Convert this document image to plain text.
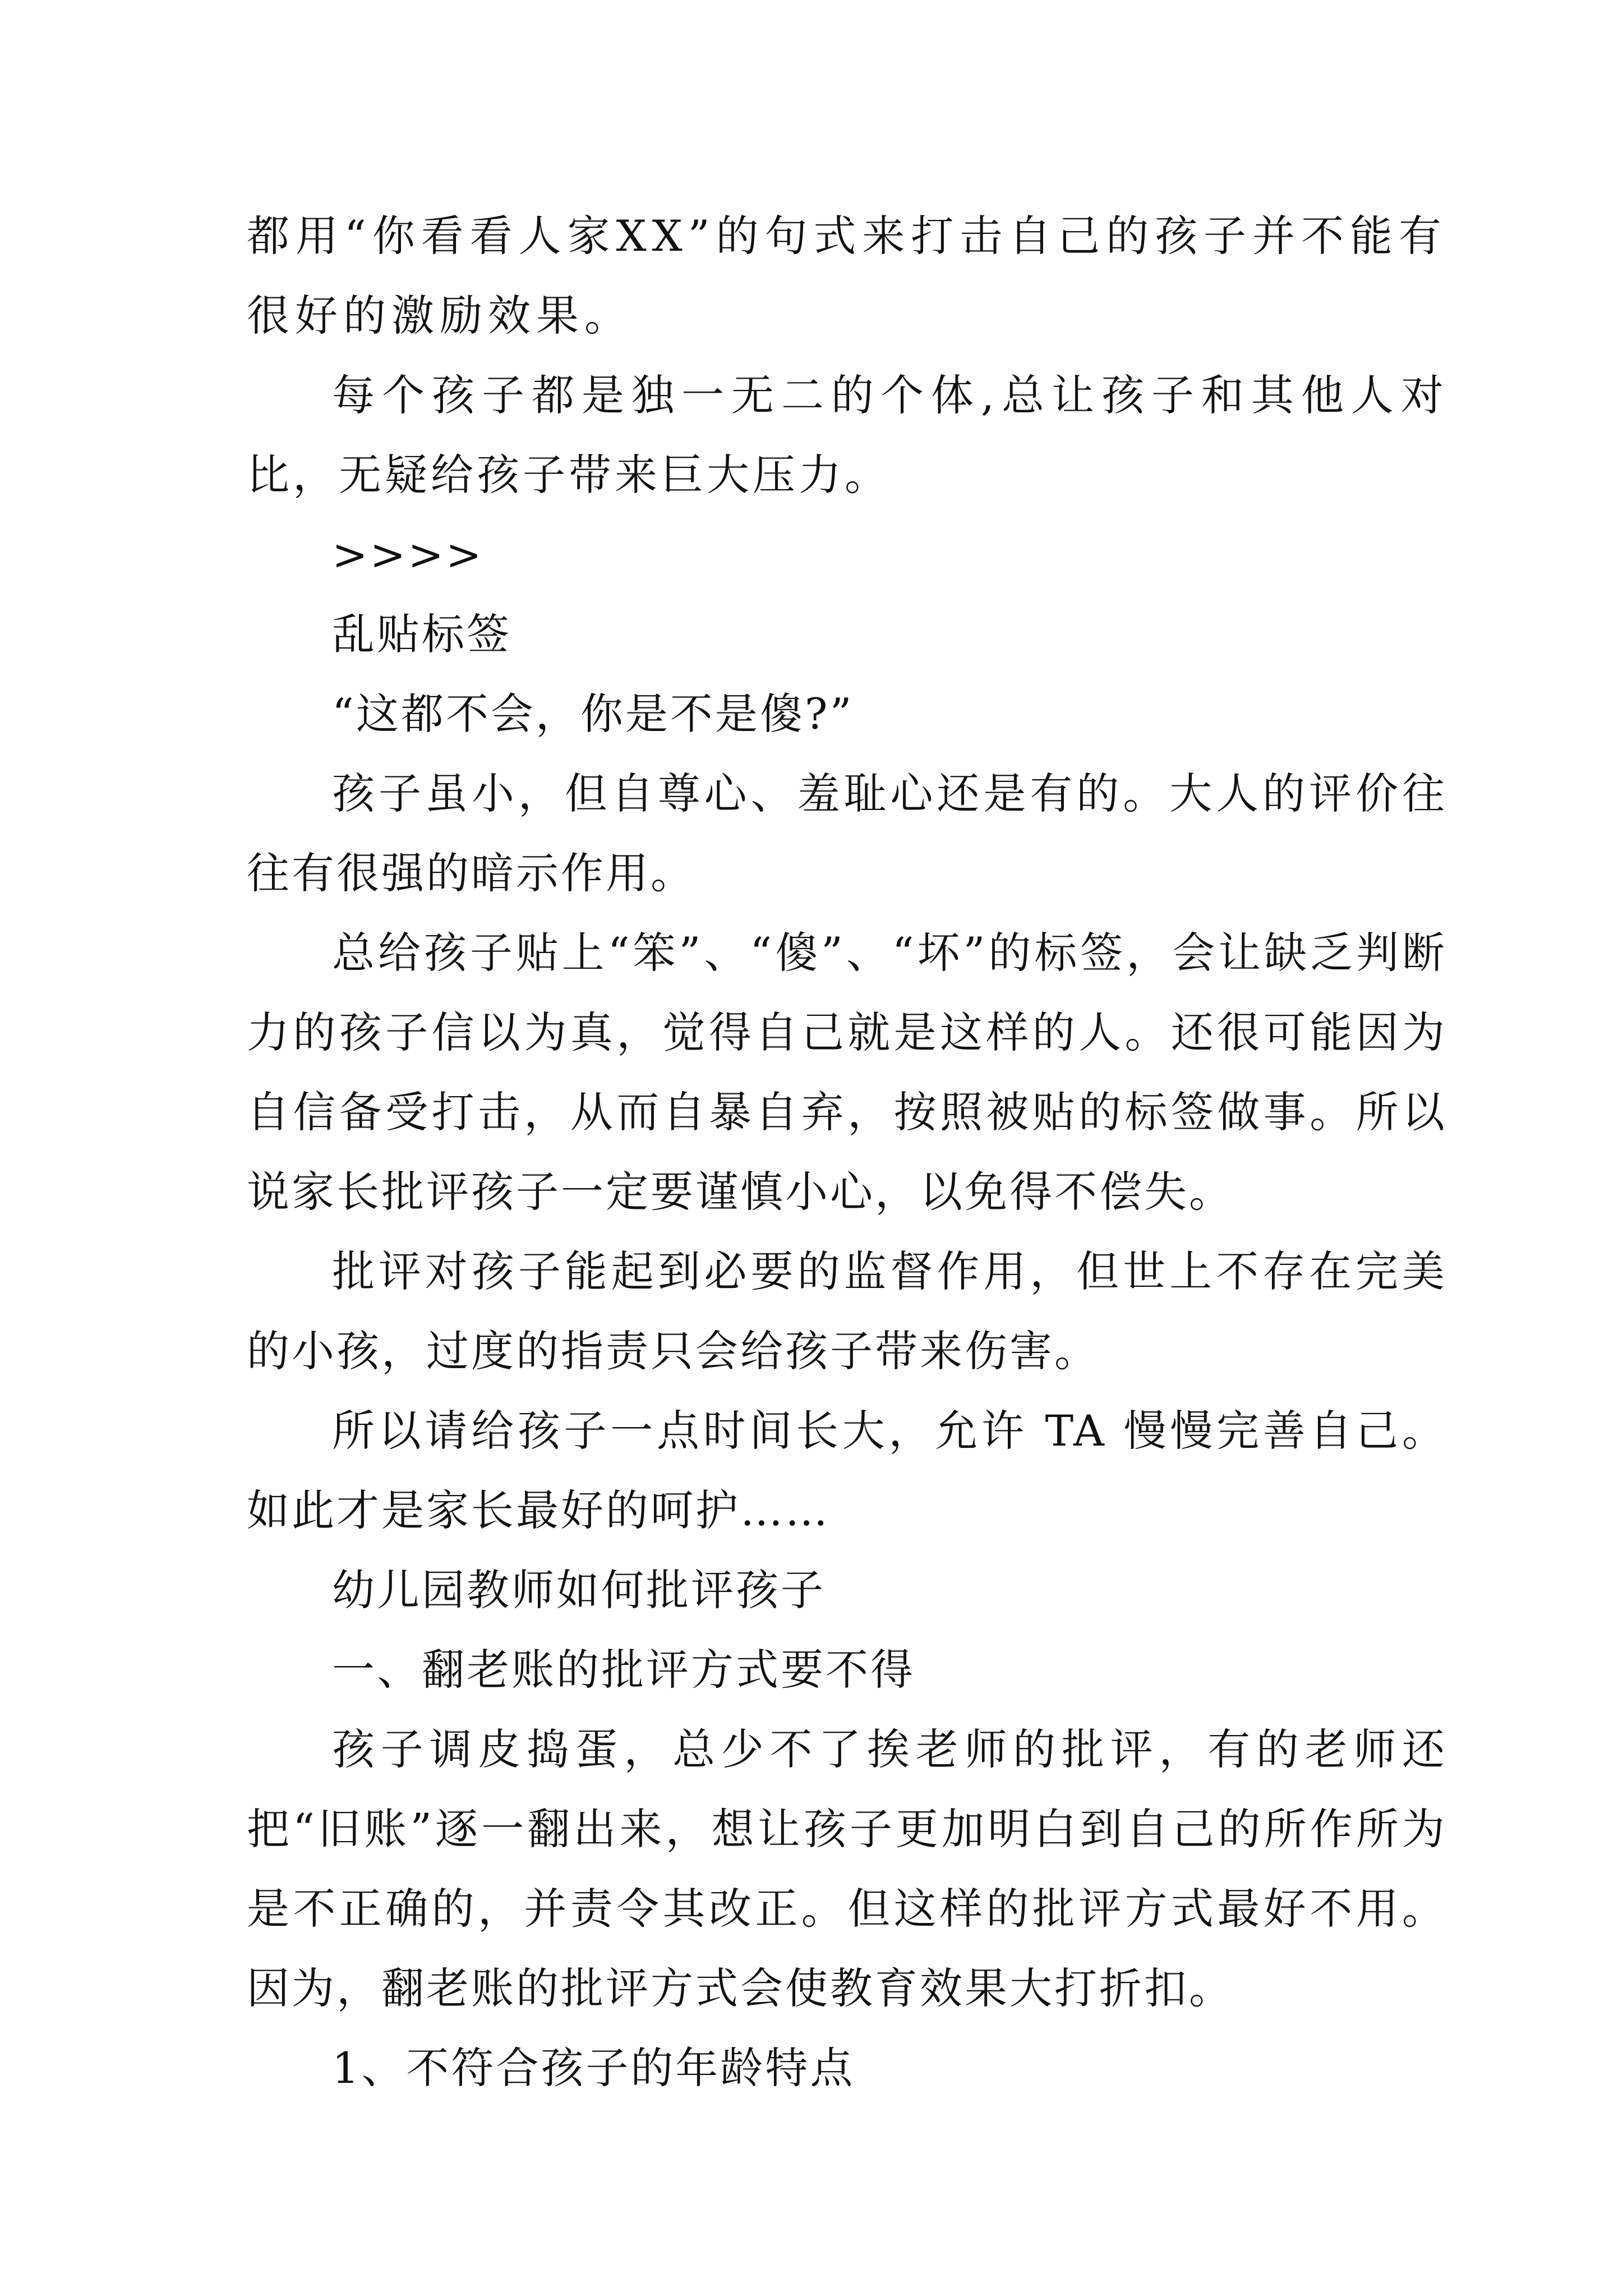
都用“你看看人家XX”的句式来打击自己的孩子并不能有很好的激励效果。

每个孩子都是独一无二的个体,总让孩子和其他人对比，无疑给孩子带来巨大压力。

>>>>

乱贴标签

“这都不会，你是不是傻?”

孩子虽小，但自尊心、羞耻心还是有的。大人的评价往往有很强的暗示作用。

总给孩子贴上“笨”、“傻”、“坏”的标签，会让缺乏判断力的孩子信以为真，觉得自己就是这样的人。还很可能因为自信备受打击，从而自暴自弃，按照被贴的标签做事。所以说家长批评孩子一定要谨慎小心，以免得不偿失。

批评对孩子能起到必要的监督作用，但世上不存在完美的小孩，过度的指责只会给孩子带来伤害。

所以请给孩子一点时间长大，允许 TA 慢慢完善自己。如此才是家长最好的呵护……

幼儿园教师如何批评孩子

一、翻老账的批评方式要不得

孩子调皮捣蛋，总少不了挨老师的批评，有的老师还把“旧账”逐一翻出来，想让孩子更加明白到自己的所作所为是不正确的，并责令其改正。但这样的批评方式最好不用。因为，翻老账的批评方式会使教育效果大打折扣。

1、不符合孩子的年龄特点
